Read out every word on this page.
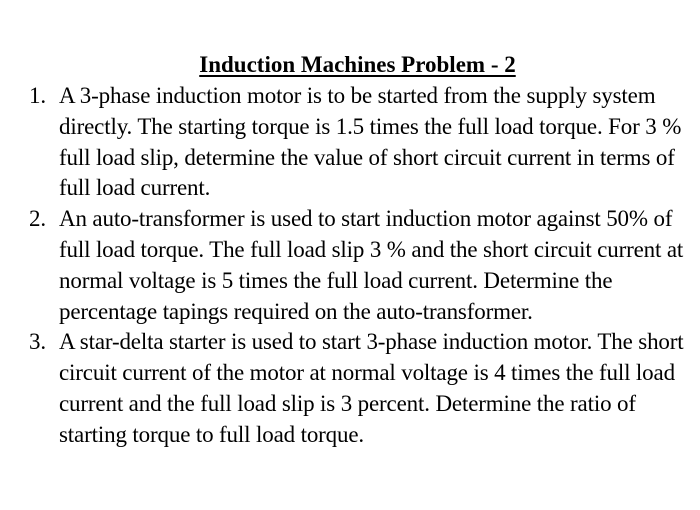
Induction Machines Problem - 2
1. A 3-phase induction motor is to be started from the supply system directly. The starting torque is 1.5 times the full load torque. For 3 % full load slip, determine the value of short circuit current in terms of full load current.
2. An auto-transformer is used to start induction motor against 50% of full load torque. The full load slip 3 % and the short circuit current at normal voltage is 5 times the full load current. Determine the percentage tapings required on the auto-transformer.
3. A star-delta starter is used to start 3-phase induction motor. The short circuit current of the motor at normal voltage is 4 times the full load current and the full load slip is 3 percent. Determine the ratio of starting torque to full load torque.
